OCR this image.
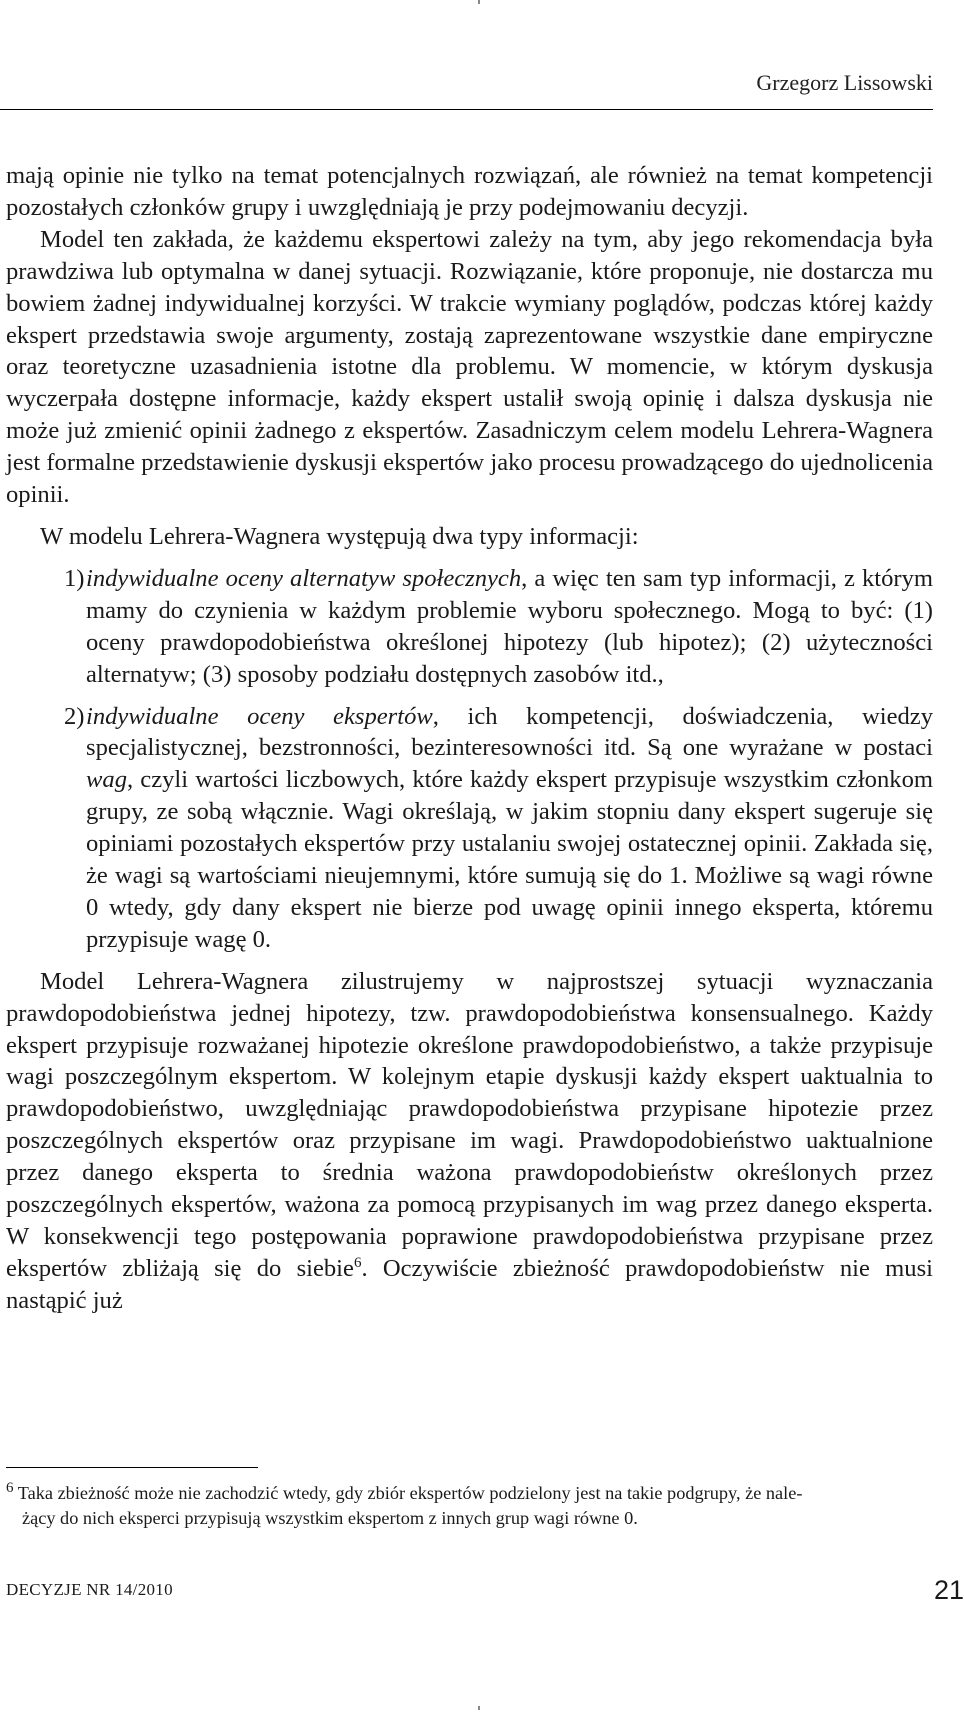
Grzegorz Lissowski

mają opinie nie tylko na temat potencjalnych rozwiązań, ale również na temat kompetencji pozostałych członków grupy i uwzględniają je przy podejmowaniu decyzji.

Model ten zakłada, że każdemu ekspertowi zależy na tym, aby jego rekomendacja była prawdziwa lub optymalna w danej sytuacji. Rozwiązanie, które proponuje, nie dostarcza mu bowiem żadnej indywidualnej korzyści. W trakcie wymiany poglądów, podczas której każdy ekspert przedstawia swoje argumenty, zostają zaprezentowane wszystkie dane empiryczne oraz teoretyczne uzasadnienia istotne dla problemu. W momencie, w którym dyskusja wyczerpała dostępne informacje, każdy ekspert ustalił swoją opinię i dalsza dyskusja nie może już zmienić opinii żadnego z ekspertów. Zasadniczym celem modelu Lehrera-Wagnera jest formalne przedstawienie dyskusji ekspertów jako procesu prowadzącego do ujednolicenia opinii.

W modelu Lehrera-Wagnera występują dwa typy informacji:

1) indywidualne oceny alternatyw społecznych, a więc ten sam typ informacji, z którym mamy do czynienia w każdym problemie wyboru społecznego. Mogą to być: (1) oceny prawdopodobieństwa określonej hipotezy (lub hipotez); (2) użyteczności alternatyw; (3) sposoby podziału dostępnych zasobów itd.,

2) indywidualne oceny ekspertów, ich kompetencji, doświadczenia, wiedzy specjalistycznej, bezstronności, bezinteresowności itd. Są one wyrażane w postaci wag, czyli wartości liczbowych, które każdy ekspert przypisuje wszystkim członkom grupy, ze sobą włącznie. Wagi określają, w jakim stopniu dany ekspert sugeruje się opiniami pozostałych ekspertów przy ustalaniu swojej ostatecznej opinii. Zakłada się, że wagi są wartościami nieujemnymi, które sumują się do 1. Możliwe są wagi równe 0 wtedy, gdy dany ekspert nie bierze pod uwagę opinii innego eksperta, któremu przypisuje wagę 0.

Model Lehrera-Wagnera zilustrujemy w najprostszej sytuacji wyznaczania prawdopodobieństwa jednej hipotezy, tzw. prawdopodobieństwa konsensualnego. Każdy ekspert przypisuje rozważanej hipotezie określone prawdopodobieństwo, a także przypisuje wagi poszczególnym ekspertom. W kolejnym etapie dyskusji każdy ekspert uaktualnia to prawdopodobieństwo, uwzględniając prawdopodobieństwa przypisane hipotezie przez poszczególnych ekspertów oraz przypisane im wagi. Prawdopodobieństwo uaktualnione przez danego eksperta to średnia ważona prawdopodobieństw określonych przez poszczególnych ekspertów, ważona za pomocą przypisanych im wag przez danego eksperta. W konsekwencji tego postępowania poprawione prawdopodobieństwa przypisane przez ekspertów zbliżają się do siebie$^6$. Oczywiście zbieżność prawdopodobieństw nie musi nastąpić już

$^6$ Taka zbieżność może nie zachodzić wtedy, gdy zbiór ekspertów podzielony jest na takie podgrupy, że nale-
żący do nich eksperci przypisują wszystkim ekspertom z innych grup wagi równe 0.
DECYZJE NR 14/2010	21
